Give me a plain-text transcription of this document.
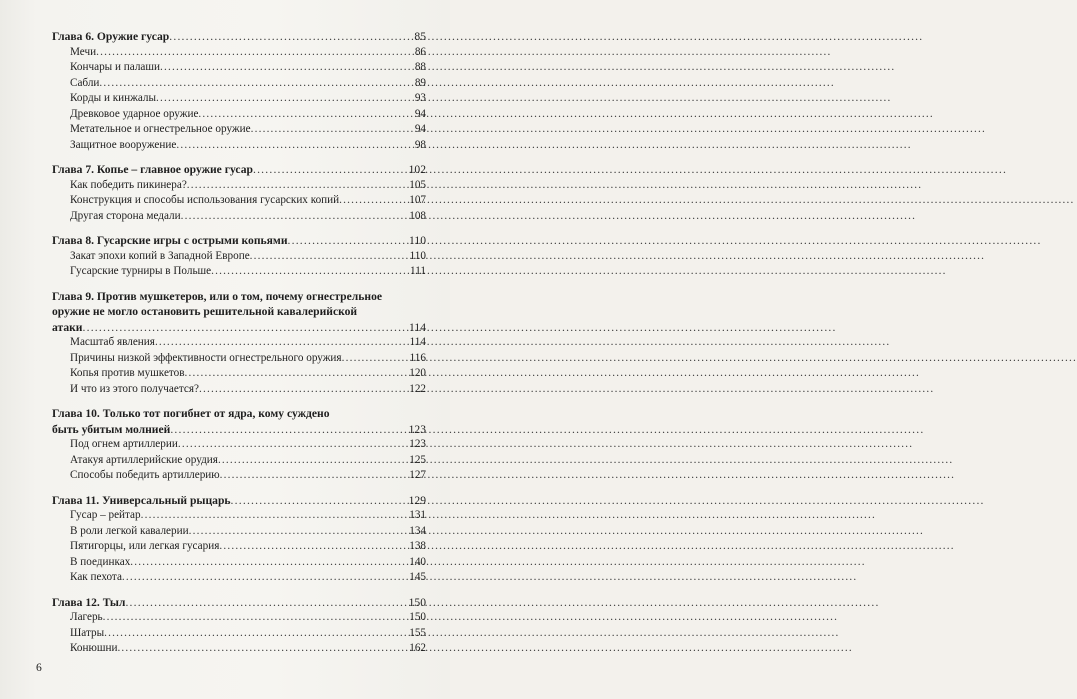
Глава 6. Оружие гусар .....	85
Мечи .....	86
Кончары и палаши .....	88
Сабли .....	89
Корды и кинжалы .....	93
Древковое ударное оружие .....	94
Метательное и огнестрельное оружие .....	94
Защитное вооружение .....	98
Глава 7. Копье – главное оружие гусар .....	102
Как победить пикинера? .....	105
Конструкция и способы использования гусарских копий .....	107
Другая сторона медали .....	108
Глава 8. Гусарские игры с острыми копьями .....	110
Закат эпохи копий в Западной Европе .....	110
Гусарские турниры в Польше .....	111
Глава 9. Против мушкетеров, или о том, почему огнестрельное
оружие не могло остановить решительной кавалерийской
атаки .....	114
Масштаб явления .....	114
Причины низкой эффективности огнестрельного оружия .....	116
Копья против мушкетов .....	120
И что из этого получается? .....	122
Глава 10. Только тот погибнет от ядра, кому суждено
быть убитым молнией .....	123
Под огнем артиллерии .....	123
Атакуя артиллерийские орудия .....	125
Способы победить артиллерию .....	127
Глава 11. Универсальный рыцарь .....	129
Гусар – рейтар .....	131
В роли легкой кавалерии .....	134
Пятигорцы, или легкая гусария .....	138
В поединках .....	140
Как пехота .....	145
Глава 12. Тыл .....	150
Лагерь .....	150
Шатры .....	155
Конюшни .....	162
6
